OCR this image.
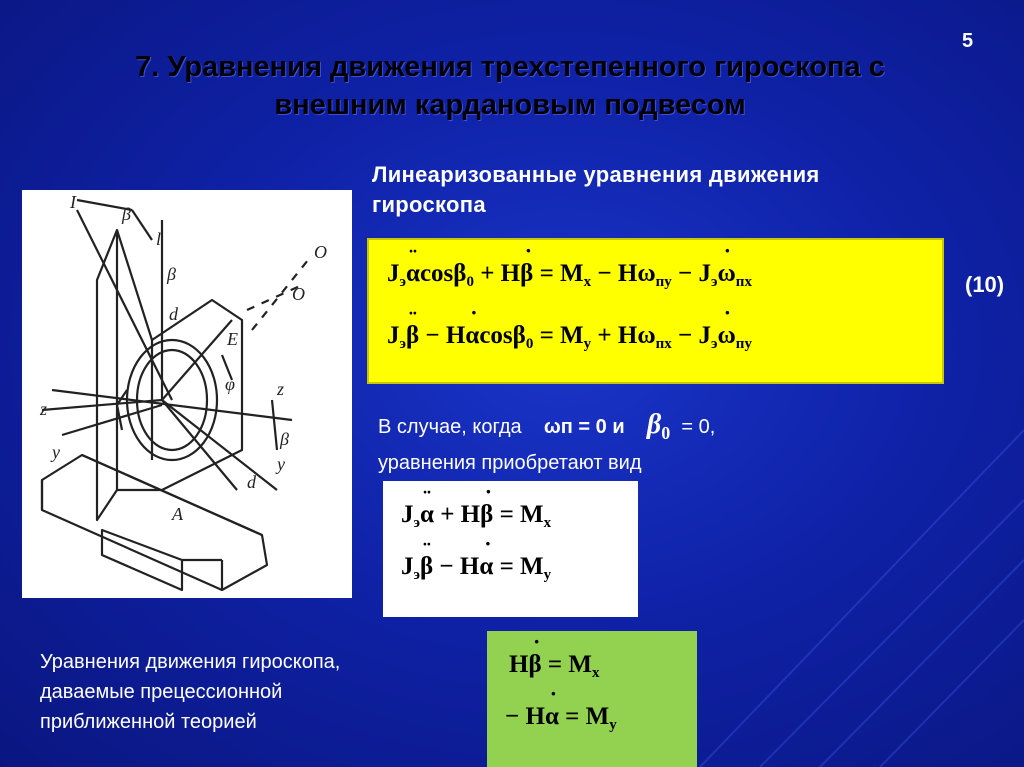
5
7. Уравнения движения трехстепенного гироскопа с
внешним кардановым подвесом
I
β
l
β
d
E
φ z
z
β
y
y
d
A
O
O
Линеаризованные уравнения движения
гироскопа
$J_э\alpha$ ¨cosβ$_0$ + Hβ ˙ = $M_x - H\omega_{пу} - J_э\omega$ $˙_{пх}$
$J_э\beta$ ¨ − Hα ˙cosβ$_0$ = $M_y + H\omega_{пх} - J_э\omega$ $˙_{пу}$
(10)
В случае, когда ωп = 0 и $\beta_0 = 0$,
уравнения приобретают вид
$J_э\alpha$ ¨ + Hβ ˙ = $M_x$
$J_э\beta$ ¨ − Hα ˙ = $M_y$
Уравнения движения гироскопа,
даваемые прецессионной
приближенной теорией
Hβ ˙ = $M_x$
− Hα ˙ = $M_y$
